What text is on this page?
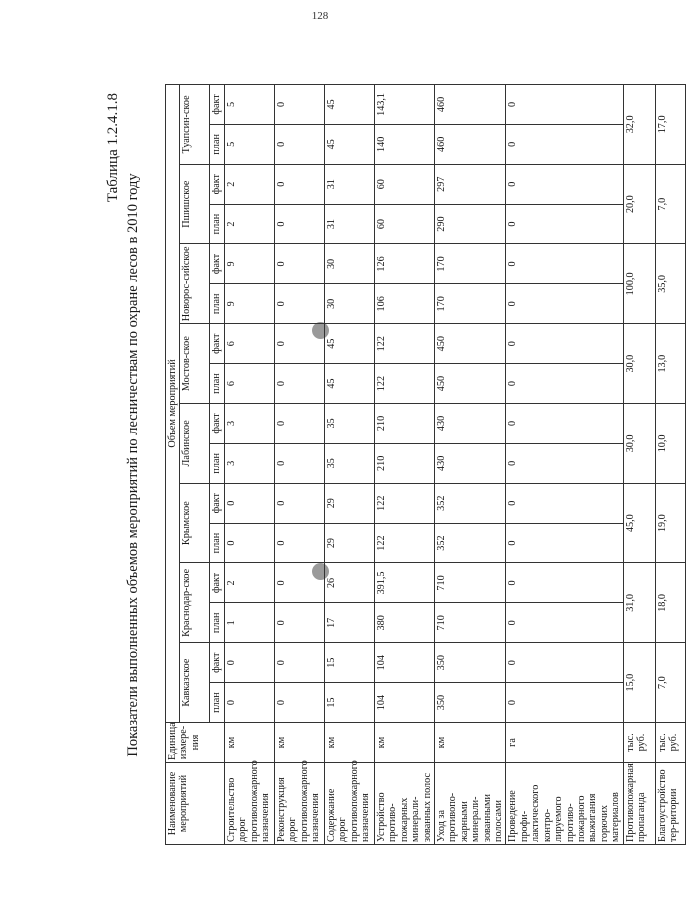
128
Таблица 1.2.4.1.8
Показатели выполненных объемов мероприятий по лесничествам по охране лесов в 2010 году
Наименование мероприятий	Единица измере-ния	Объем мероприятий															
		Кавказское		Краснодар-ское		Крымское		Лабинское		Мостов-ское		Новорос-сийское		Пшишское		Туапсин-ское	
		план	факт	план	факт	план	факт	план	факт	план	факт	план	факт	план	факт	план	факт
Строительство дорог противопожарного назначения	км	0	0	1	2	0	0	3	3	6	6	9	9	2	2	5	5
Реконструкция дорог противопожарного назначения	км	0	0	0	0	0	0	0	0	0	0	0	0	0	0	0	0
Содержание дорог противопожарного назначения	км	15	15	17	26	29	29	35	35	45	45	30	30	31	31	45	45
Устройство противо-пожарных минерали-зованных полос	км	104	104	380	391,5	122	122	210	210	122	122	106	126	60	60	140	143,1
Уход за противопо-жарными минерали-зованными полосами	км	350	350	710	710	352	352	430	430	450	450	170	170	290	297	460	460
Проведение профи-лактического контро-лируемого противо-пожарного выжигания горючих материалов	га	0	0	0	0	0	0	0	0	0	0	0	0	0	0	0	0
Противопожарная пропаганда	тыс. руб.	15,0		31,0		45,0		30,0		30,0		100,0		20,0		32,0	
Благоустройство тер-ритории	тыс. руб.	7,0		18,0		19,0		10,0		13,0		35,0		7,0		17,0	
